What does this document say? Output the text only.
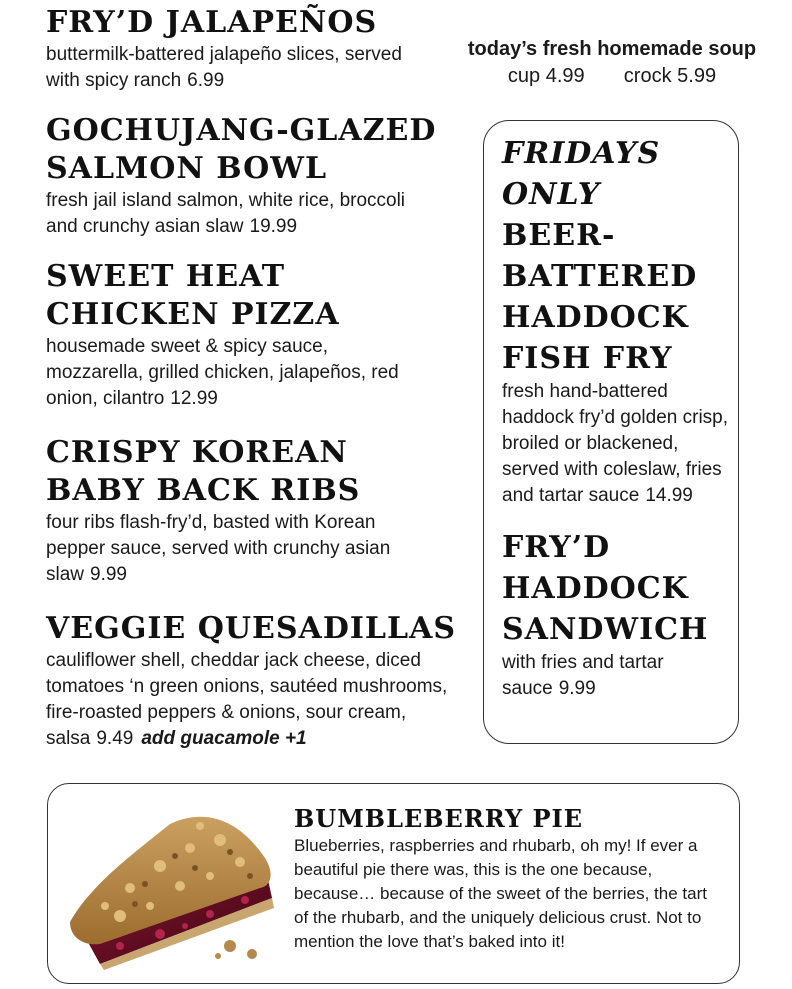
FRY’D JALAPEÑOS

buttermilk-battered jalapeño slices, served with spicy ranch 6.99

GOCHUJANG-GLAZED SALMON BOWL

fresh jail island salmon, white rice, broccoli and crunchy asian slaw 19.99

SWEET HEAT CHICKEN PIZZA

housemade sweet & spicy sauce, mozzarella, grilled chicken, jalapeños, red onion, cilantro 12.99

CRISPY KOREAN BABY BACK RIBS

four ribs flash-fry’d, basted with Korean pepper sauce, served with crunchy asian slaw 9.99

VEGGIE QUESADILLAS

cauliflower shell, cheddar jack cheese, diced tomatoes ‘n green onions, sautéed mushrooms, fire-roasted peppers & onions, sour cream, salsa 9.49 add guacamole +1

today’s fresh homemade soup
cup 4.99 crock 5.99
FRIDAYS
ONLY
BEER-BATTERED HADDOCK FISH FRY

fresh hand-battered haddock fry’d golden crisp, broiled or blackened, served with coleslaw, fries and tartar sauce 14.99

FRY’D HADDOCK SANDWICH

with fries and tartar sauce 9.99

BUMBLEBERRY PIE

Blueberries, raspberries and rhubarb, oh my! If ever a beautiful pie there was, this is the one because, because… because of the sweet of the berries, the tart of the rhubarb, and the uniquely delicious crust. Not to mention the love that’s baked into it!
